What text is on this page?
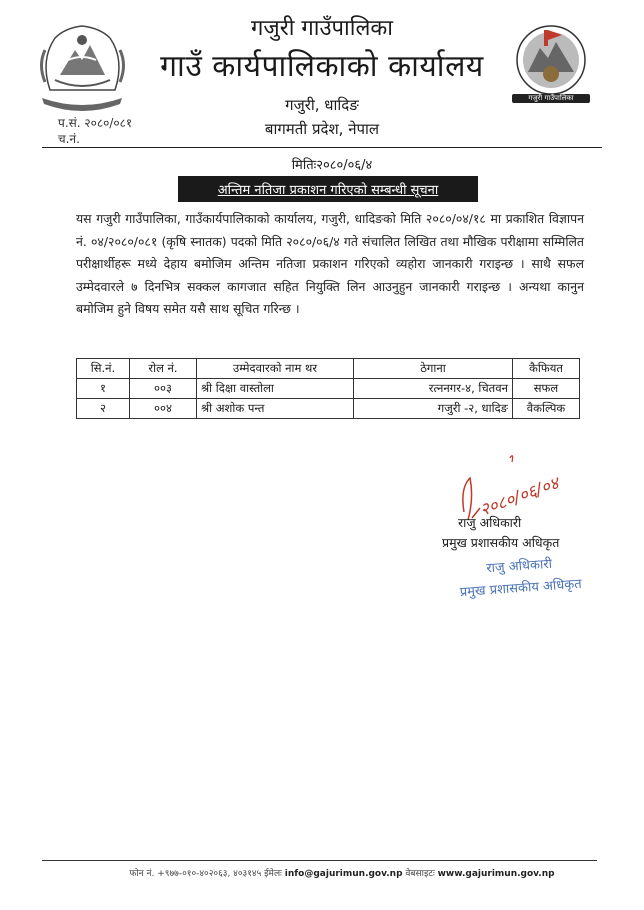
गजुरी गाउँपालिका
गजुरी गाउँपालिका
गाउँ कार्यपालिकाको कार्यालय
गजुरी, धादिङ
बागमती प्रदेश, नेपाल
प.सं. २०८०/०८१
च.नं.
मितिः२०८०/०६/४
अन्तिम नतिजा प्रकाशन गरिएको सम्बन्धी सूचना
यस गजुरी गाउँपालिका, गाउँकार्यपालिकाको कार्यालय, गजुरी, धादिङको मिति २०८०/०४/१८ मा प्रकाशित विज्ञापन नं. ०४/२०८०/०८१ (कृषि स्नातक) पदको मिति २०८०/०६/४ गते संचालित लिखित तथा मौखिक परीक्षामा सम्मिलित परीक्षार्थीहरू मध्ये देहाय बमोजिम अन्तिम नतिजा प्रकाशन गरिएको व्यहोरा जानकारी गराइन्छ । साथै सफल उम्मेदवारले ७ दिनभित्र सक्कल कागजात सहित नियुक्ति लिन आउनुहुन जानकारी गराइन्छ । अन्यथा कानुन बमोजिम हुने विषय समेत यसै साथ सूचित गरिन्छ ।
सि.नं.	रोल नं.	उम्मेदवारको नाम थर	ठेगाना	कैफियत
१	००३	श्री दिक्षा वास्तोला	रत्ननगर-४, चितवन	सफल
२	००४	श्री अशोक पन्त	गजुरी -२, धादिङ	वैकल्पिक
२०८०/०६/०४
राजु अधिकारी
प्रमुख प्रशासकीय अधिकृत
राजु अधिकारी
प्रमुख प्रशासकीय अधिकृत
फोन नं. +९७७-०१०-४०२०६३, ४०३१४५ ईमेलः info@gajurimun.gov.np वेबसाइटः www.gajurimun.gov.np
